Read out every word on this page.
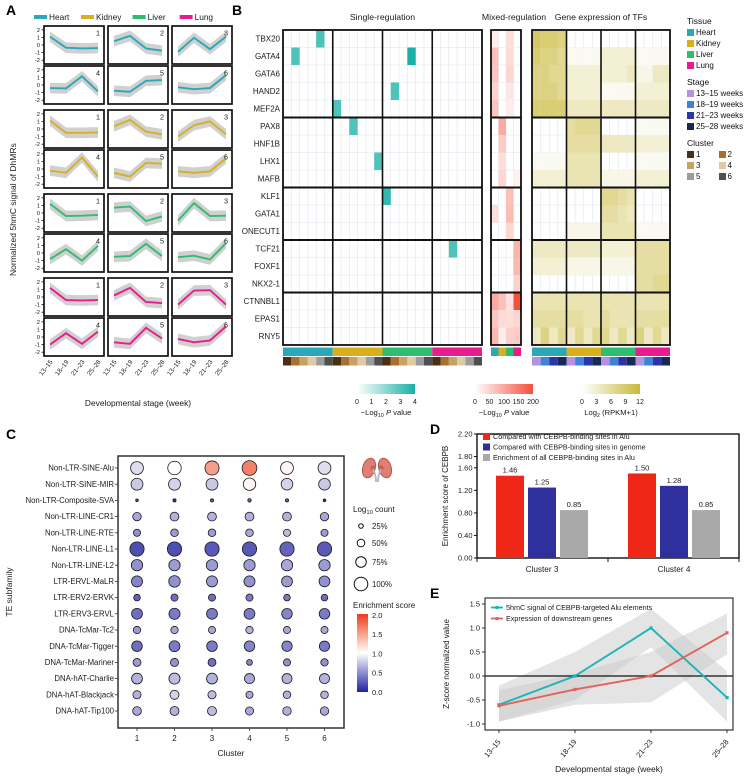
A	B
C	D
E
Normalized 5hmC signal of DhMRs
Heart	Kidney	Liver	Lung
1
2
1
0
-1
-2
2	3
4
2
1
0
-1
-2
5	6
1
2
1
0
-1
-2
2	3
4
2
1
0
-1
-2
5	6
1
2
1
0
-1
-2
2	3
4
2
1
0
-1
-2
5	6
1
2
1
0
-1
-2
2	3
4
2
1
0
-1
-2
13–15 18–19 21–23 25–28
5
13–15 18–19 21–23 25–28
6
13–15 18–19 21–23 25–28
Developmental stage (week)
Single-regulation	Mixed-regulation Gene expression of TFs
TBX20
GATA4
GATA6
HAND2
MEF2A
PAX8
HNF1B
LHX1
MAFB
KLF1
GATA1
ONECUT1
TCF21
FOXF1
NKX2-1
CTNNBL1
EPAS1
RNY5
0 1 2 3 4
−Log$_{10}$ P value
0 50 100 150 200
−Log$_{10}$ P value
0 3 6 9 12
Log$_2$ (RPKM+1)
Tissue
Heart
Kidney
Liver
Lung
Stage
13–15 weeks
18–19 weeks
21–23 weeks
25–28 weeks
Cluster
1	2
3	4
5	6
Non-LTR-SINE-Alu
Non-LTR-SINE-MIR
Non-LTR-Composite-SVA
Non-LTR-LINE-CR1
Non-LTR-LINE-RTE
Non-LTR-LINE-L1
Non-LTR-LINE-L2
LTR-ERVL-MaLR
LTR-ERV2-ERVK
LTR-ERV3-ERVL
DNA-TcMar-Tc2
DNA-TcMar-Tigger
DNA-TcMar-Mariner
DNA-hAT-Charlie
DNA-hAT-Blackjack
DNA-hAT-Tip100
1	2	3	4	5	6
Cluster
TE subfamily
Log$_{10}$ count
25%
50%
75%
100%
Enrichment score
2.0
1.5
1.0
0.5
0.0
2.20
1.80
1.60
1.20
0.80
0.40
0.00
Cluster 3	Cluster 4
1.46
1.25
0.85
1.50
1.28
0.85
Compared with CEBPB-binding sites in Alu
Compared with CEBPB-binding sites in genome
Enrichment of all CEBPB-binding sites in Alu
Enrichment score of CEBPB
1.5
1.0
0.5
0.0
-0.5
-1.0
13–15	18–19	21–23	25–28
Developmental stage (week)
Z-score normalized value
5hmC signal of CEBPB-targeted Alu elements
Expression of downstream genes
